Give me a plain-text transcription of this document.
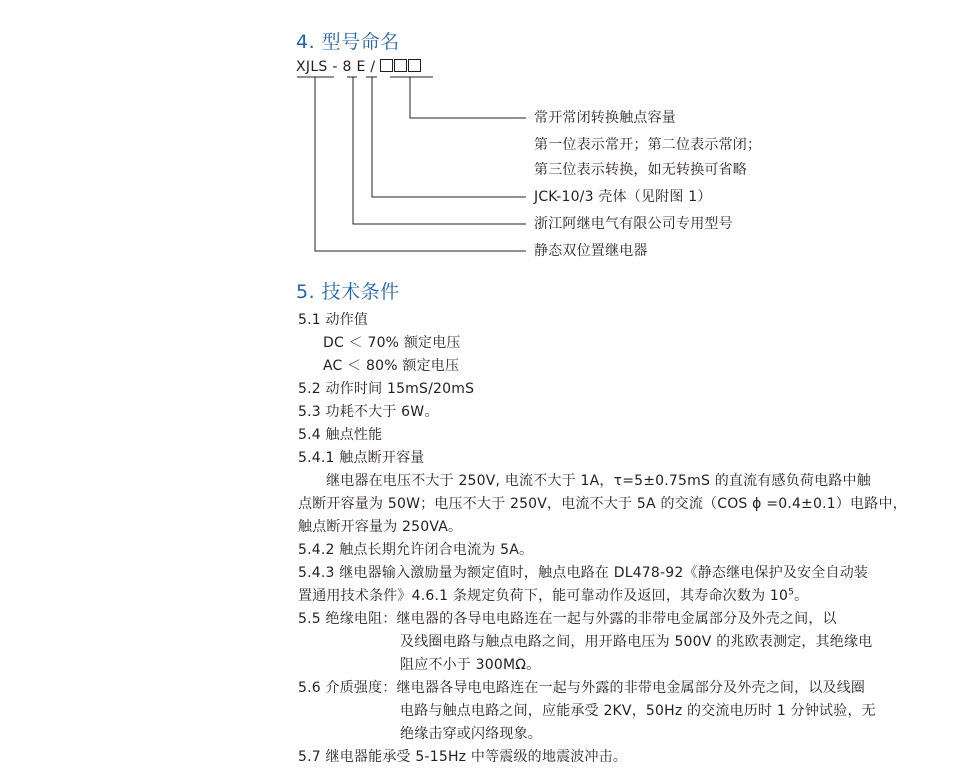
4. 型号命名
XJLS - 8 E /
常开常闭转换触点容量
第一位表示常开；第二位表示常闭；
第三位表示转换，如无转换可省略
JCK-10/3 壳体（见附图 1）
浙江阿继电气有限公司专用型号
静态双位置继电器
5. 技术条件
5.1 动作值
DC ＜ 70% 额定电压
AC ＜ 80% 额定电压
5.2 动作时间 15mS/20mS
5.3 功耗不大于 6W。
5.4 触点性能
5.4.1 触点断开容量
继电器在电压不大于 250V, 电流不大于 1A，τ=5±0.75mS 的直流有感负荷电路中触
点断开容量为 50W；电压不大于 250V，电流不大于 5A 的交流（COS ϕ =0.4±0.1）电路中，
触点断开容量为 250VA。
5.4.2 触点长期允许闭合电流为 5A。
5.4.3 继电器输入激励量为额定值时，触点电路在 DL478-92《静态继电保护及安全自动装
置通用技术条件》4.6.1 条规定负荷下，能可靠动作及返回，其寿命次数为 $10^5$。
5.5 绝缘电阻：继电器的各导电电路连在一起与外露的非带电金属部分及外壳之间，以
及线圈电路与触点电路之间，用开路电压为 500V 的兆欧表测定，其绝缘电
阻应不小于 300MΩ。
5.6 介质强度：继电器各导电电路连在一起与外露的非带电金属部分及外壳之间，以及线圈
电路与触点电路之间，应能承受 2KV，50Hz 的交流电历时 1 分钟试验，无
绝缘击穿或闪络现象。
5.7 继电器能承受 5-15Hz 中等震级的地震波冲击。
